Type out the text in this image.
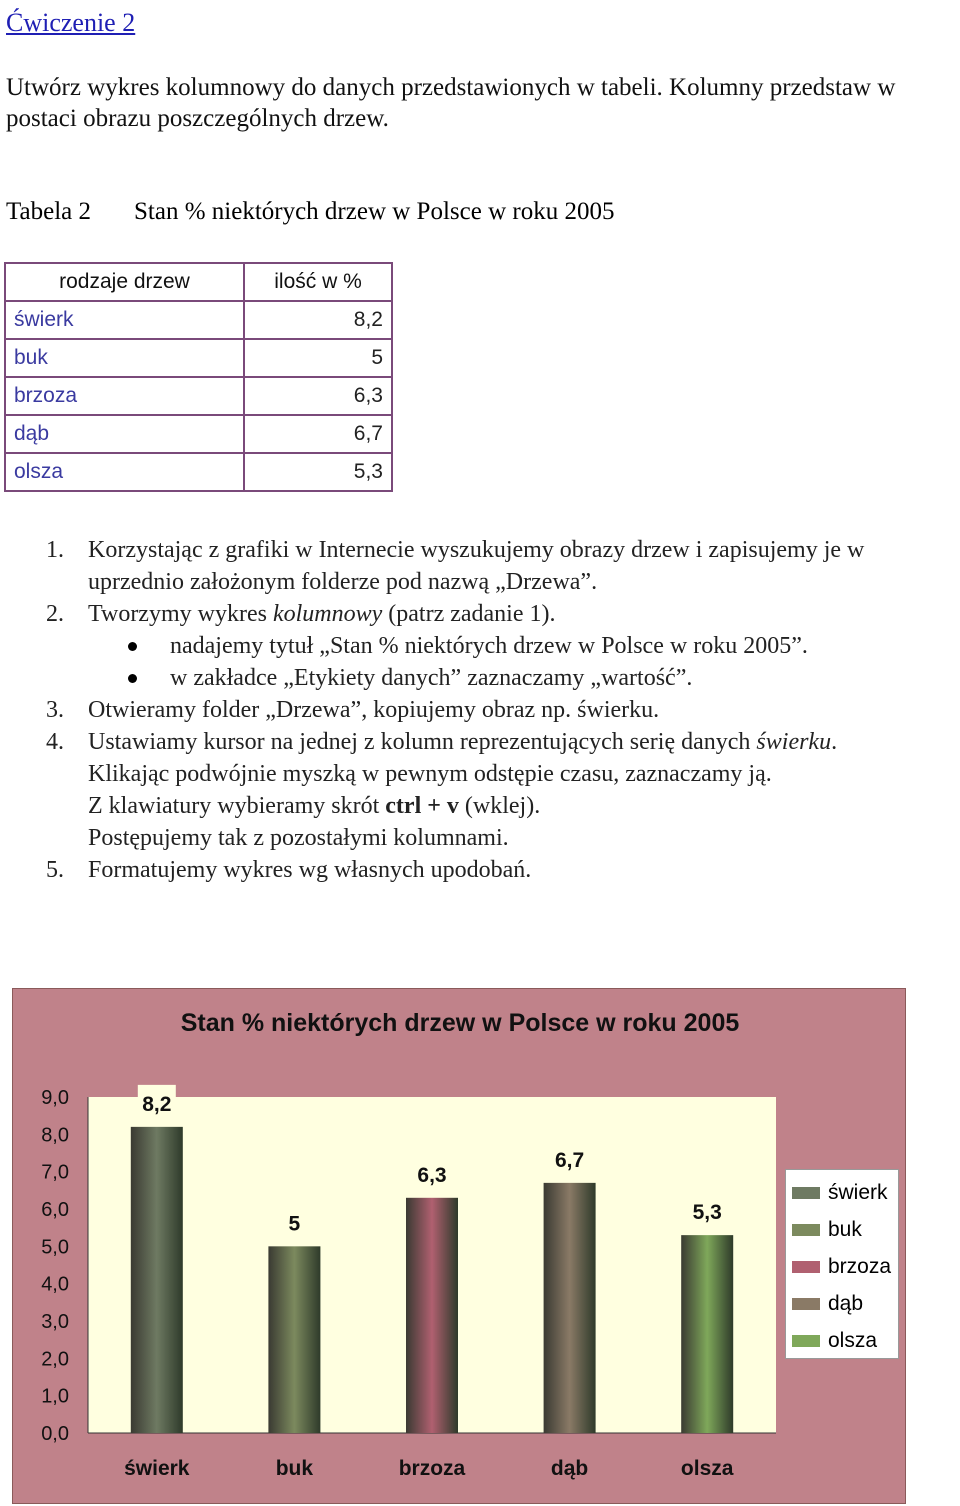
Ćwiczenie 2
Utwórz wykres kolumnowy do danych przedstawionych w tabeli. Kolumny przedstaw w postaci obrazu poszczególnych drzew.
Tabela 2 Stan % niektórych drzew w Polsce w roku 2005
rodzaje drzew	ilość w %
świerk	8,2
buk	5
brzoza	6,3
dąb	6,7
olsza	5,3
1. Korzystając z grafiki w Internecie wyszukujemy obrazy drzew i zapisujemy je w uprzednio założonym folderze pod nazwą „Drzewa”.
2. Tworzymy wykres kolumnowy (patrz zadanie 1).
nadajemy tytuł „Stan % niektórych drzew w Polsce w roku 2005”.
w zakładce „Etykiety danych” zaznaczamy „wartość”.
3. Otwieramy folder „Drzewa”, kopiujemy obraz np. świerku.
4. Ustawiamy kursor na jednej z kolumn reprezentujących serię danych świerku.
Klikając podwójnie myszką w pewnym odstępie czasu, zaznaczamy ją.
Z klawiatury wybieramy skrót ctrl + v (wklej).
Postępujemy tak z pozostałymi kolumnami.
5. Formatujemy wykres wg własnych upodobań.
Stan % niektórych drzew w Polsce w roku 2005
0,0
1,0
2,0
3,0
4,0
5,0
6,0
7,0
8,0
9,0	8,2
świerk
5
buk
6,3
brzoza
6,7
dąb
5,3
olsza
świerk
buk
brzoza
dąb
olsza
